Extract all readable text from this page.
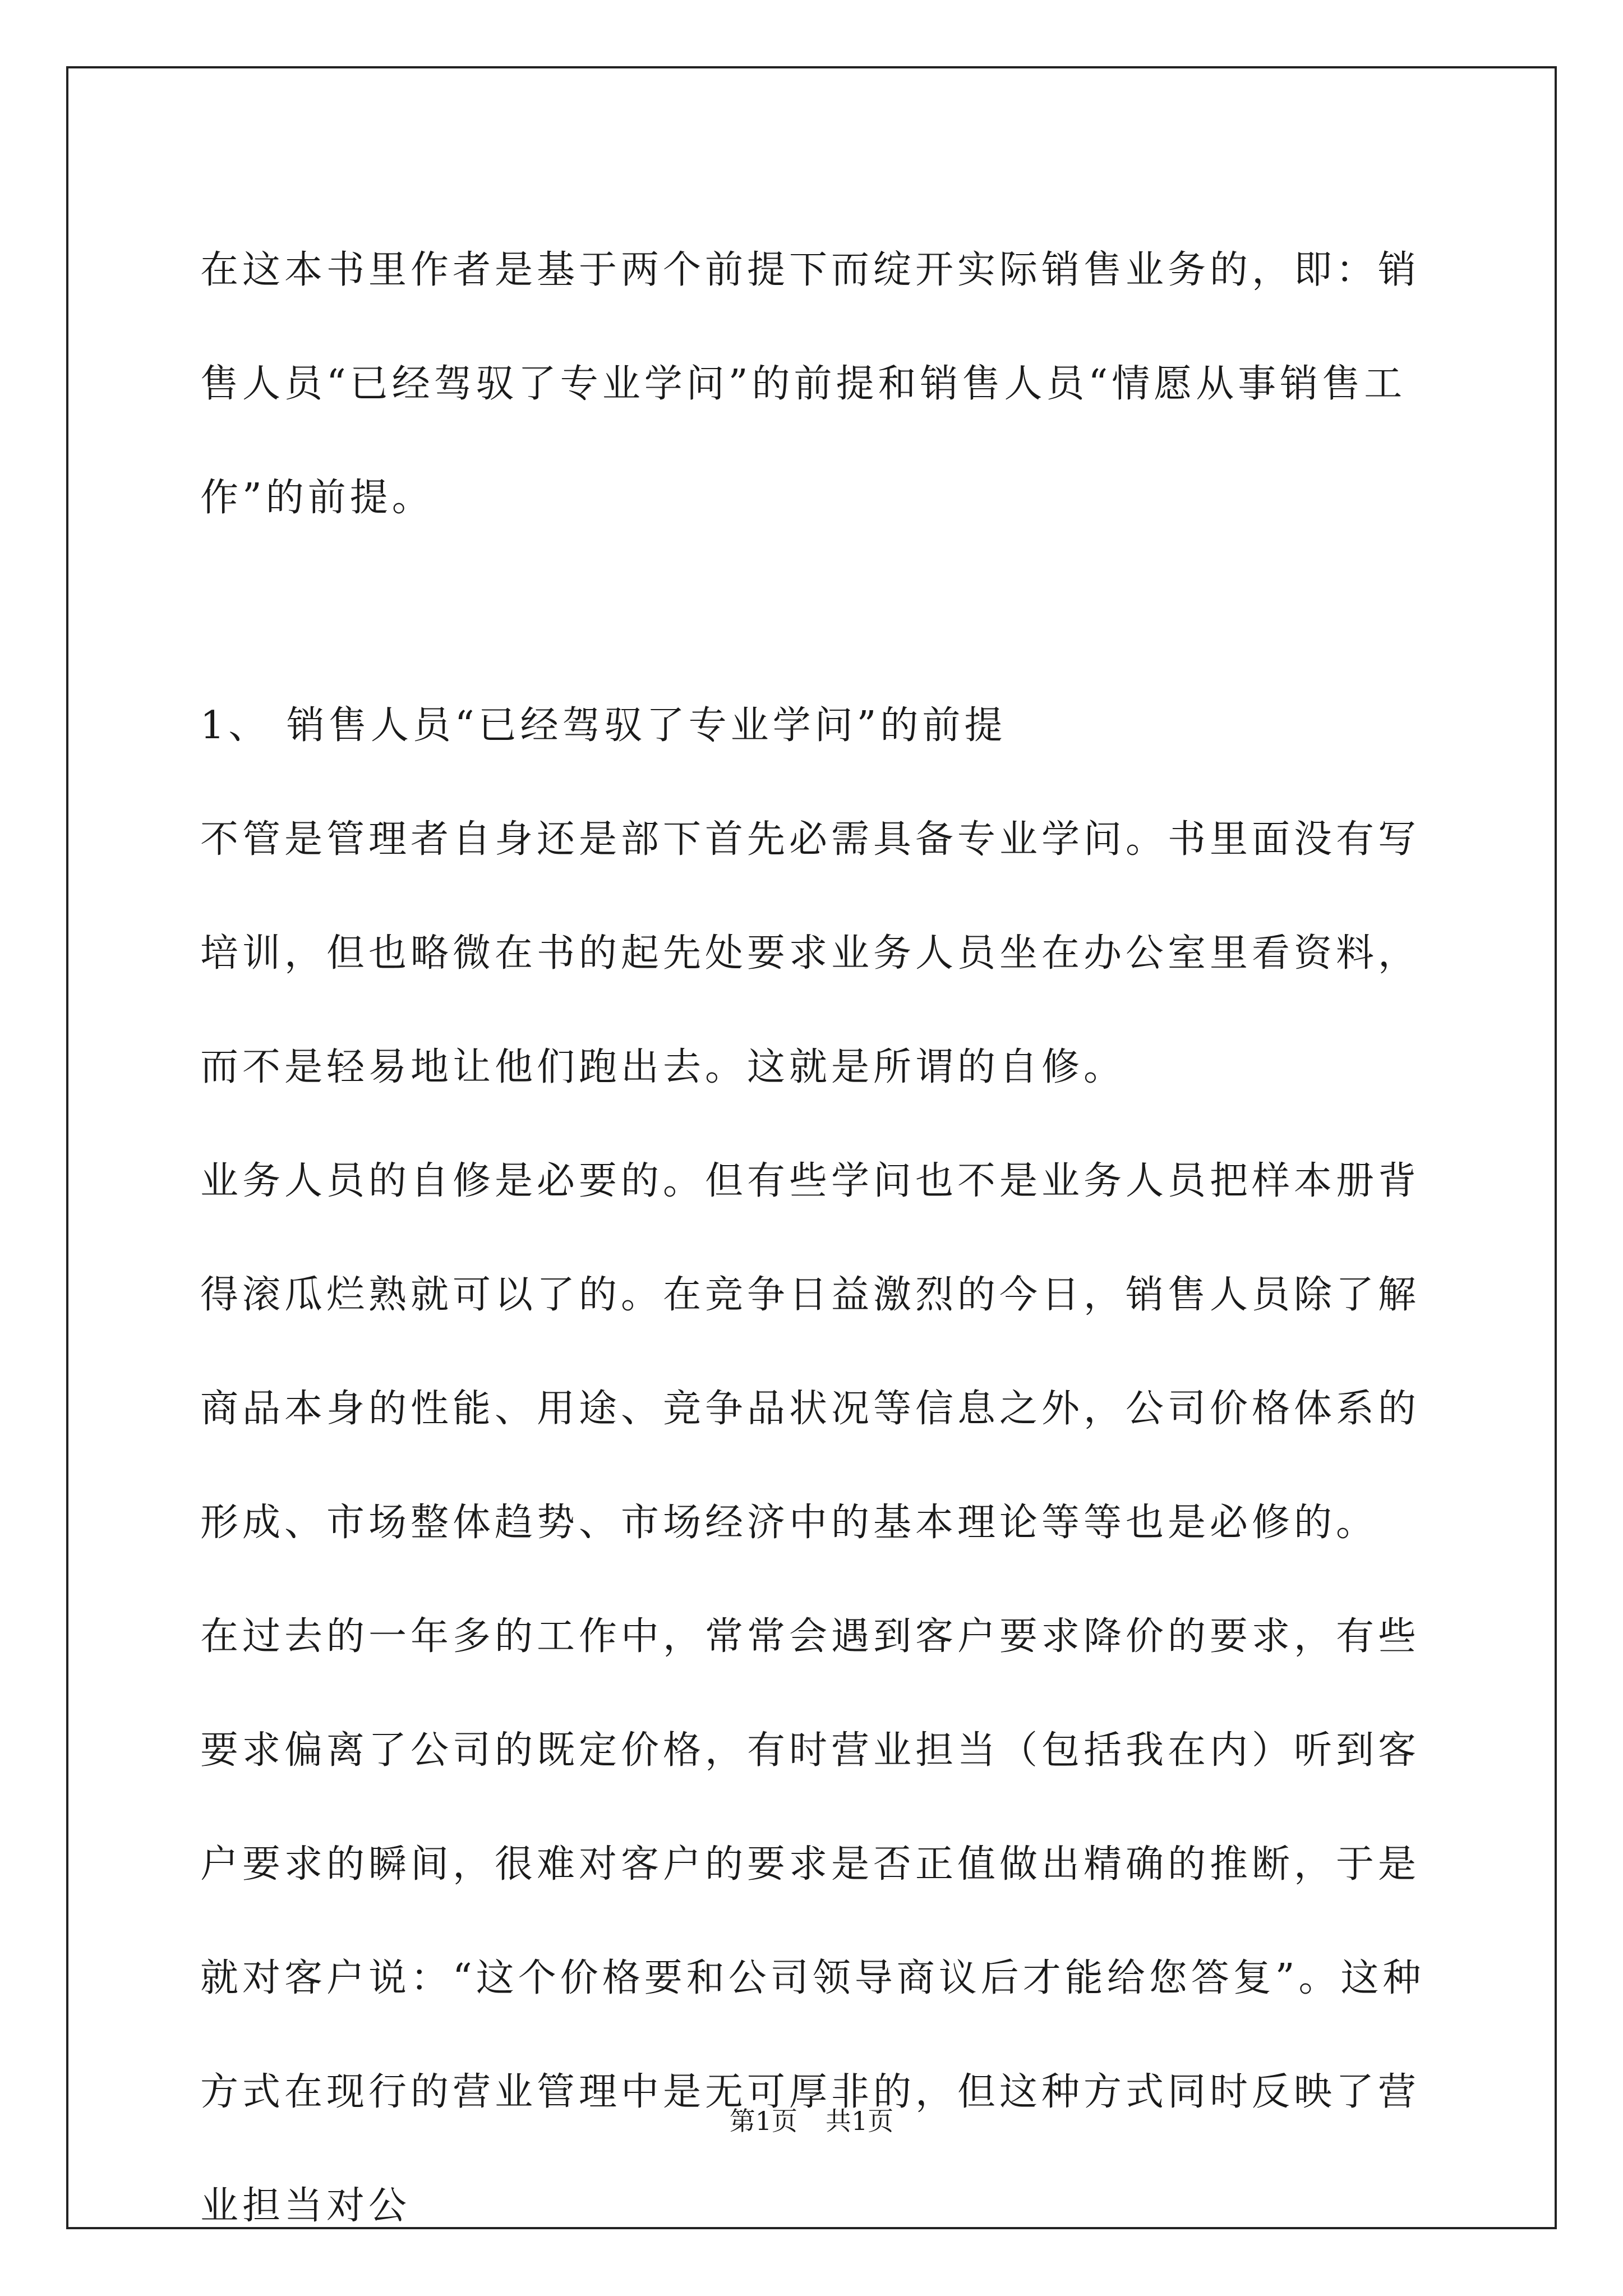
在这本书里作者是基于两个前提下而绽开实际销售业务的，即：销售人员“已经驾驭了专业学问”的前提和销售人员“情愿从事销售工作”的前提。

1、 销售人员“已经驾驭了专业学问”的前提

不管是管理者自身还是部下首先必需具备专业学问。书里面没有写培训，但也略微在书的起先处要求业务人员坐在办公室里看资料，而不是轻易地让他们跑出去。这就是所谓的自修。

业务人员的自修是必要的。但有些学问也不是业务人员把样本册背得滚瓜烂熟就可以了的。在竞争日益激烈的今日，销售人员除了解商品本身的性能、用途、竞争品状况等信息之外，公司价格体系的形成、市场整体趋势、市场经济中的基本理论等等也是必修的。

在过去的一年多的工作中，常常会遇到客户要求降价的要求，有些要求偏离了公司的既定价格，有时营业担当（包括我在内）听到客户要求的瞬间，很难对客户的要求是否正值做出精确的推断，于是就对客户说：“这个价格要和公司领导商议后才能给您答复”。这种方式在现行的营业管理中是无可厚非的，但这种方式同时反映了营业担当对公

第1页 共1页
